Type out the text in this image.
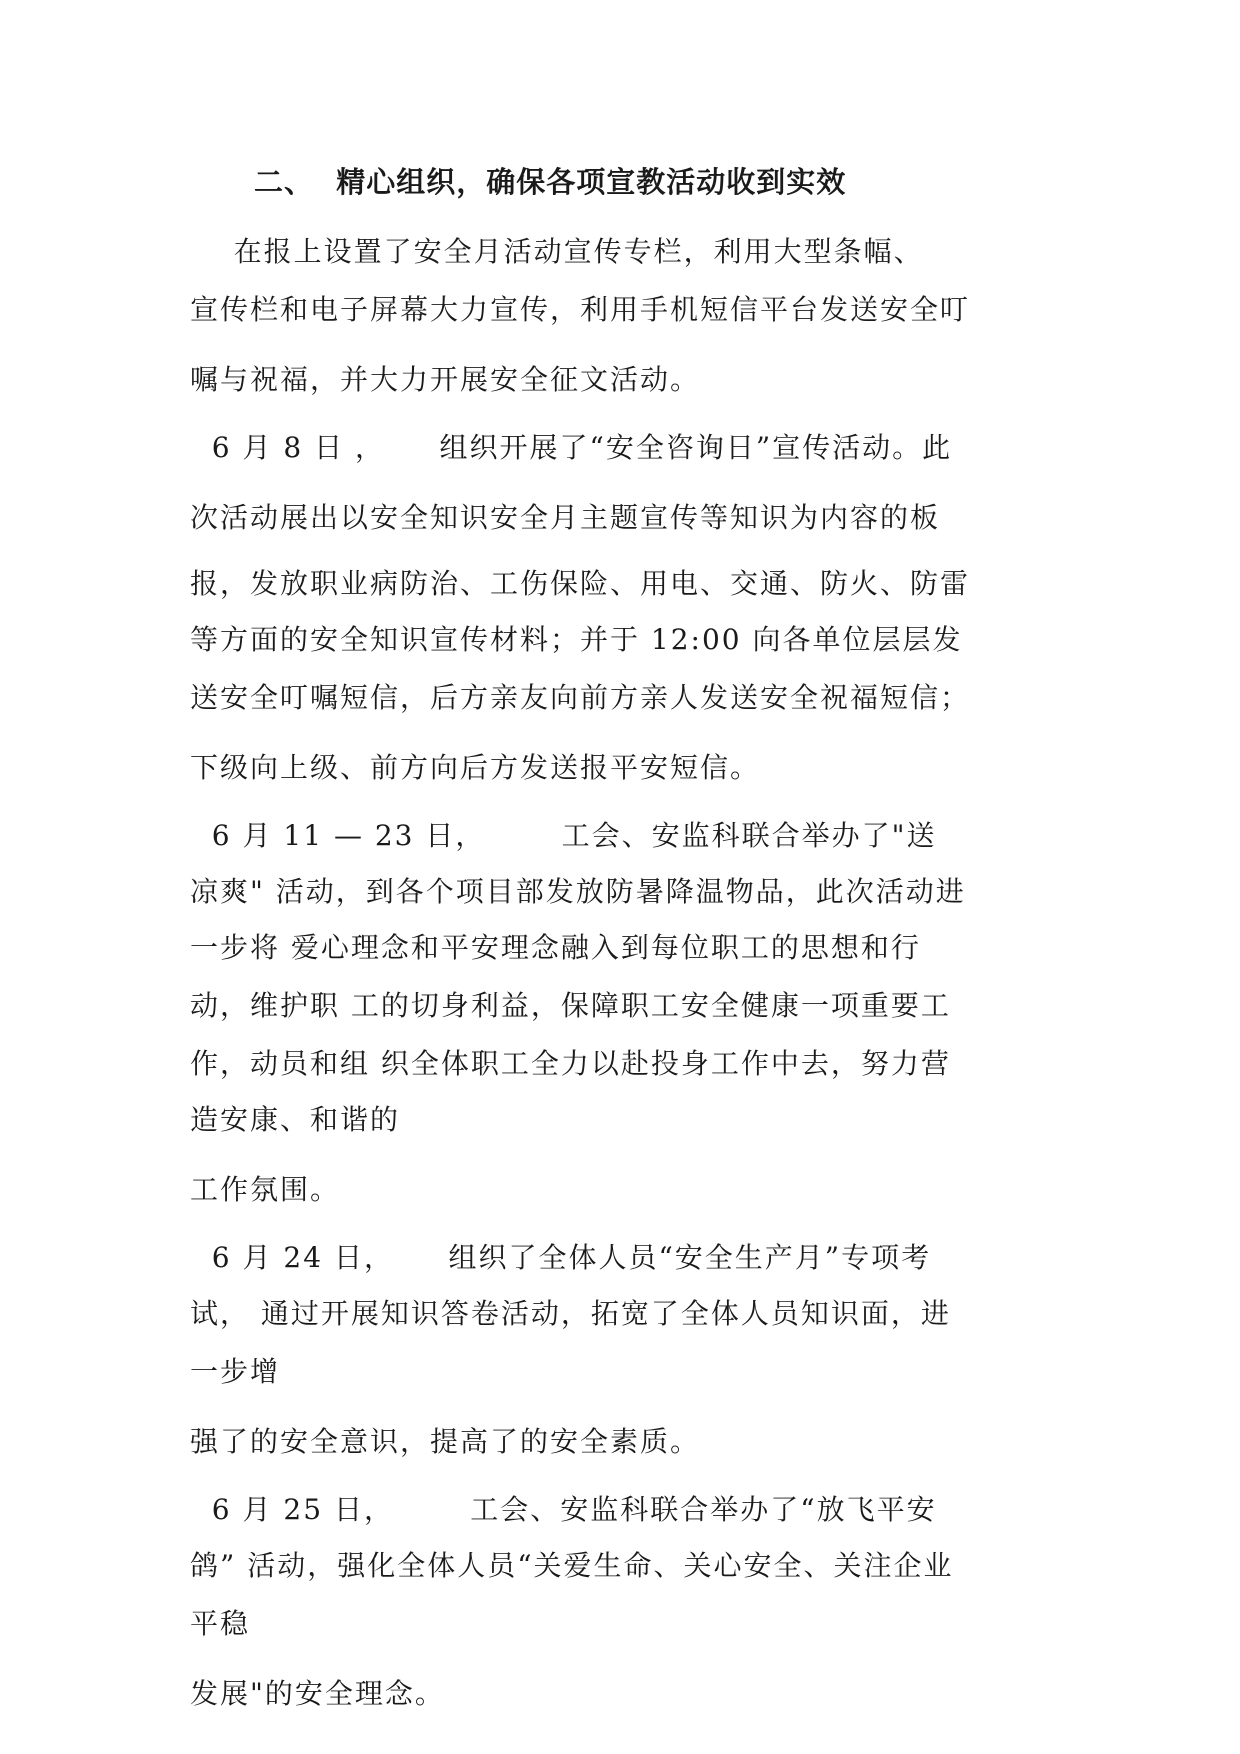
二、  精心组织，确保各项宣教活动收到实效
在报上设置了安全月活动宣传专栏，利用大型条幅、
宣传栏和电子屏幕大力宣传，利用手机短信平台发送安全叮
嘱与祝福，并大力开展安全征文活动。
6 月 8 日 ，     组织开展了“安全咨询日”宣传活动。此
次活动展出以安全知识安全月主题宣传等知识为内容的板
报，发放职业病防治、工伤保险、用电、交通、防火、防雷
等方面的安全知识宣传材料；并于 12:00 向各单位层层发
送安全叮嘱短信，后方亲友向前方亲人发送安全祝福短信；
下级向上级、前方向后方发送报平安短信。
6 月 11 — 23 日，       工会、安监科联合举办了"送
凉爽" 活动，到各个项目部发放防暑降温物品，此次活动进
一步将 爱心理念和平安理念融入到每位职工的思想和行
动，维护职 工的切身利益，保障职工安全健康一项重要工
作，动员和组 织全体职工全力以赴投身工作中去，努力营
造安康、和谐的
工作氛围。
6 月 24 日，     组织了全体人员“安全生产月”专项考
试， 通过开展知识答卷活动，拓宽了全体人员知识面，进
一步增
强了的安全意识，提高了的安全素质。
6 月 25 日，       工会、安监科联合举办了“放飞平安
鸽” 活动，强化全体人员“关爱生命、关心安全、关注企业
平稳
发展"的安全理念。
